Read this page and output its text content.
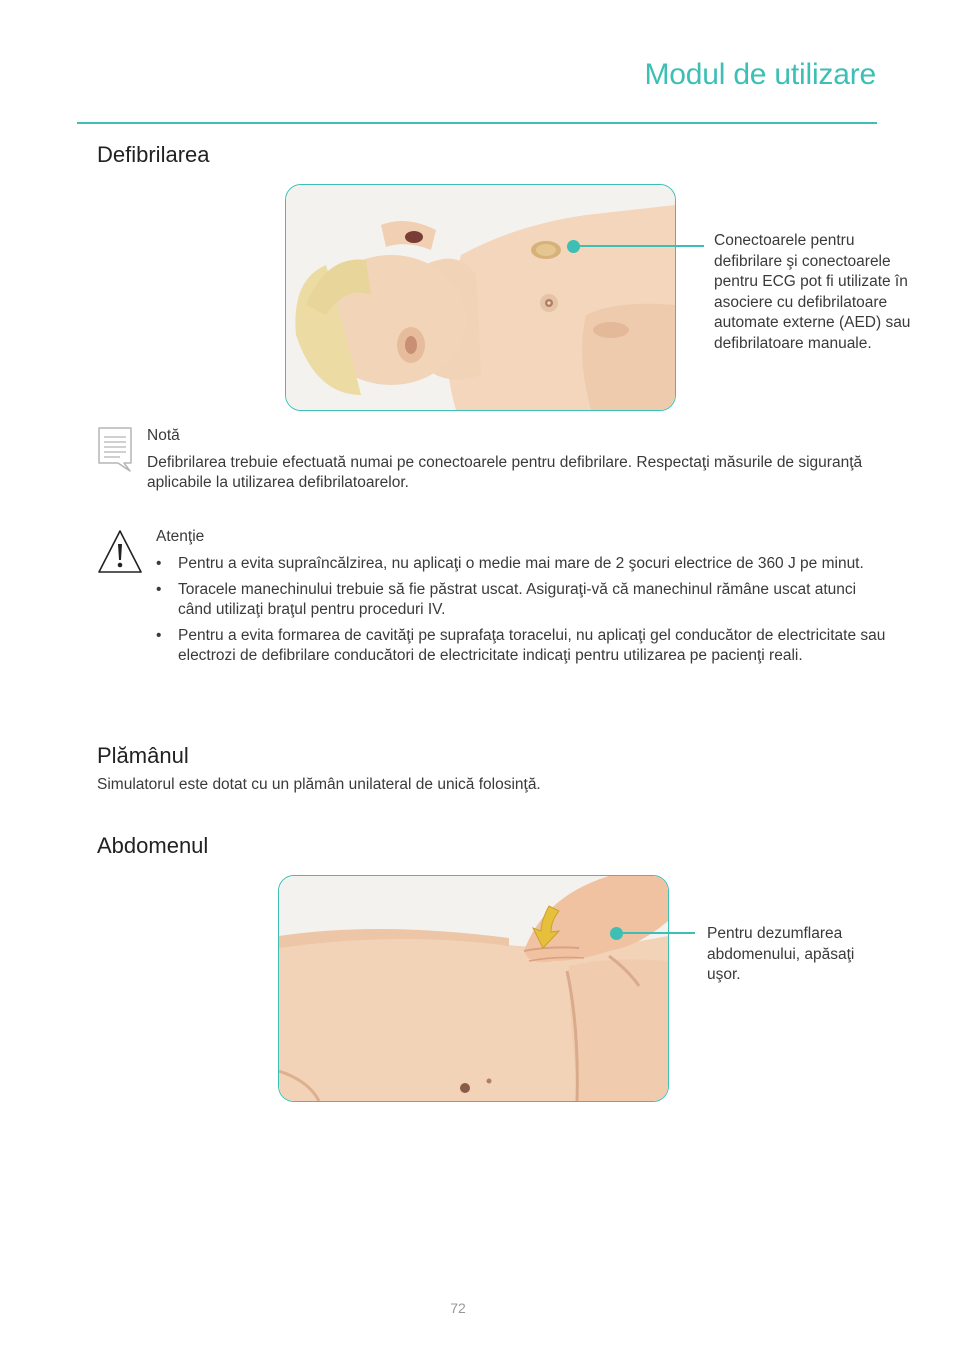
Modul de utilizare
Defibrilarea
Conectoarele pentru defibrilare şi conectoarele pentru ECG pot fi utilizate în asociere cu defibrilatoare automate externe (AED) sau defibrilatoare manuale.
Notă
Defibrilarea trebuie efectuată numai pe conectoarele pentru defibrilare. Respectaţi măsurile de siguranţă aplicabile la utilizarea defibrilatoarelor.
Atenţie
• Pentru a evita supraîncălzirea, nu aplicaţi o medie mai mare de 2 şocuri electrice de 360 J pe minut.
• Toracele manechinului trebuie să fie păstrat uscat. Asiguraţi-vă că manechinul rămâne uscat atunci când utilizaţi braţul pentru proceduri IV.
• Pentru a evita formarea de cavităţi pe suprafaţa toracelui, nu aplicaţi gel conducător de electricitate sau electrozi de defibrilare conducători de electricitate indicaţi pentru utilizarea pe pacienţi reali.
Plămânul
Simulatorul este dotat cu un plămân unilateral de unică folosinţă.
Abdomenul
Pentru dezumflarea abdomenului, apăsaţi uşor.
72
